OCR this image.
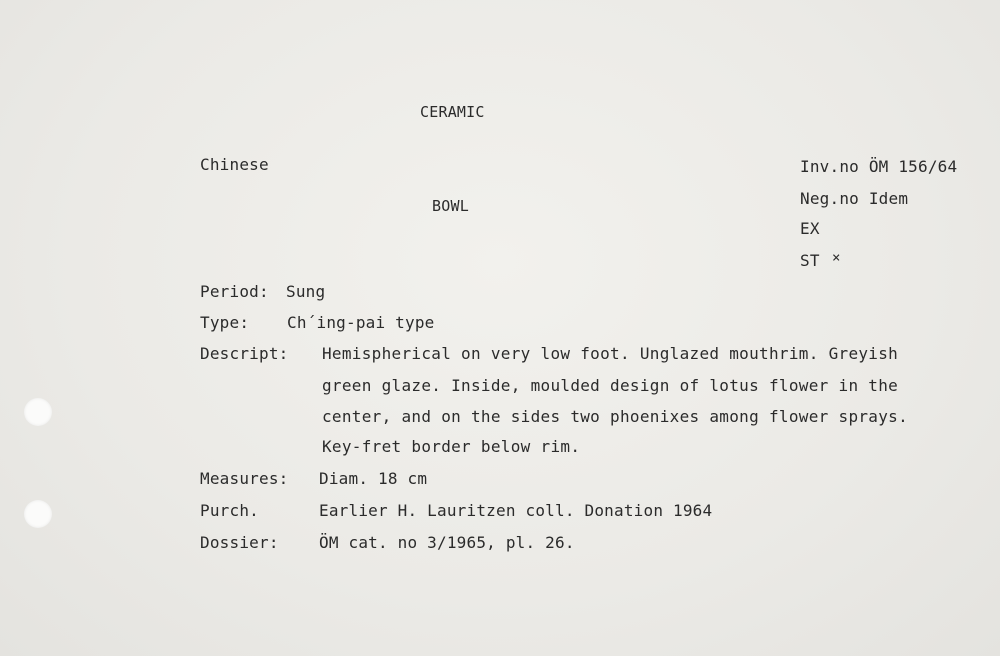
CERAMIC
Chinese
BOWL
Inv.no ÖM 156/64
Neg.no Idem
EX
ST ×
Period: Sung
Type: Ch´ing-pai type
Descript: Hemispherical on very low foot. Unglazed mouthrim. Greyish
green glaze. Inside, moulded design of lotus flower in the
center, and on the sides two phoenixes among flower sprays.
Key-fret border below rim.
Measures: Diam. 18 cm
Purch.	Earlier H. Lauritzen coll. Donation 1964
Dossier:	ÖM cat. no 3/1965, pl. 26.
